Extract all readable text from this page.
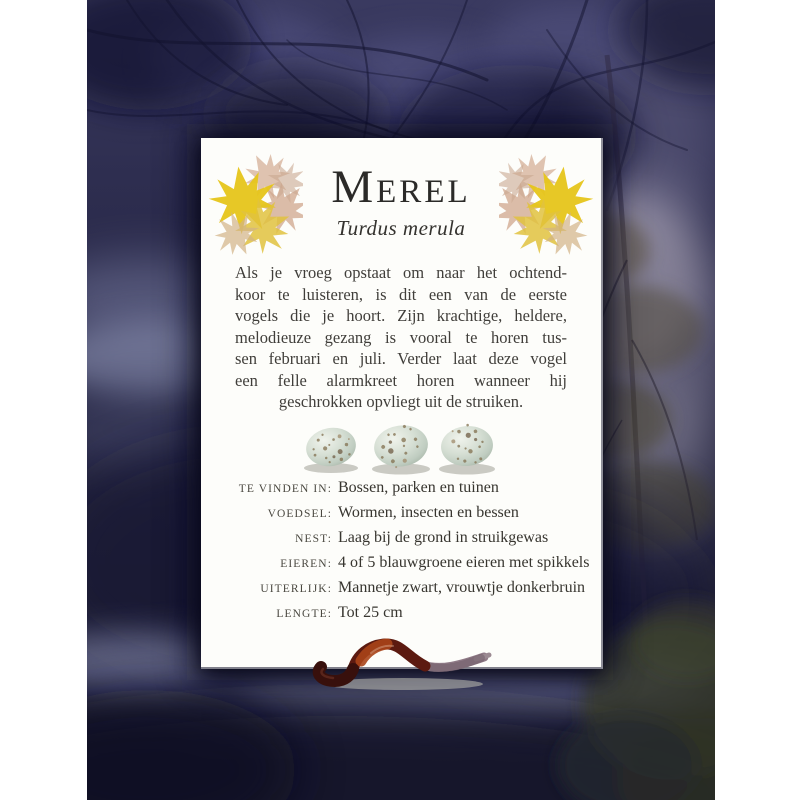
Merel
Turdus merula
Als je vroeg opstaat om naar het ochtend-
koor te luisteren, is dit een van de eerste
vogels die je hoort. Zijn krachtige, heldere,
melodieuze gezang is vooral te horen tus-
sen februari en juli. Verder laat deze vogel
een felle alarmkreet horen wanneer hij
geschrokken opvliegt uit de struiken.
TE VINDEN IN: Bossen, parken en tuinen
VOEDSEL: Wormen, insecten en bessen
NEST: Laag bij de grond in struikgewas
EIEREN: 4 of 5 blauwgroene eieren met spikkels
UITERLIJK: Mannetje zwart, vrouwtje donkerbruin
LENGTE: Tot 25 cm
